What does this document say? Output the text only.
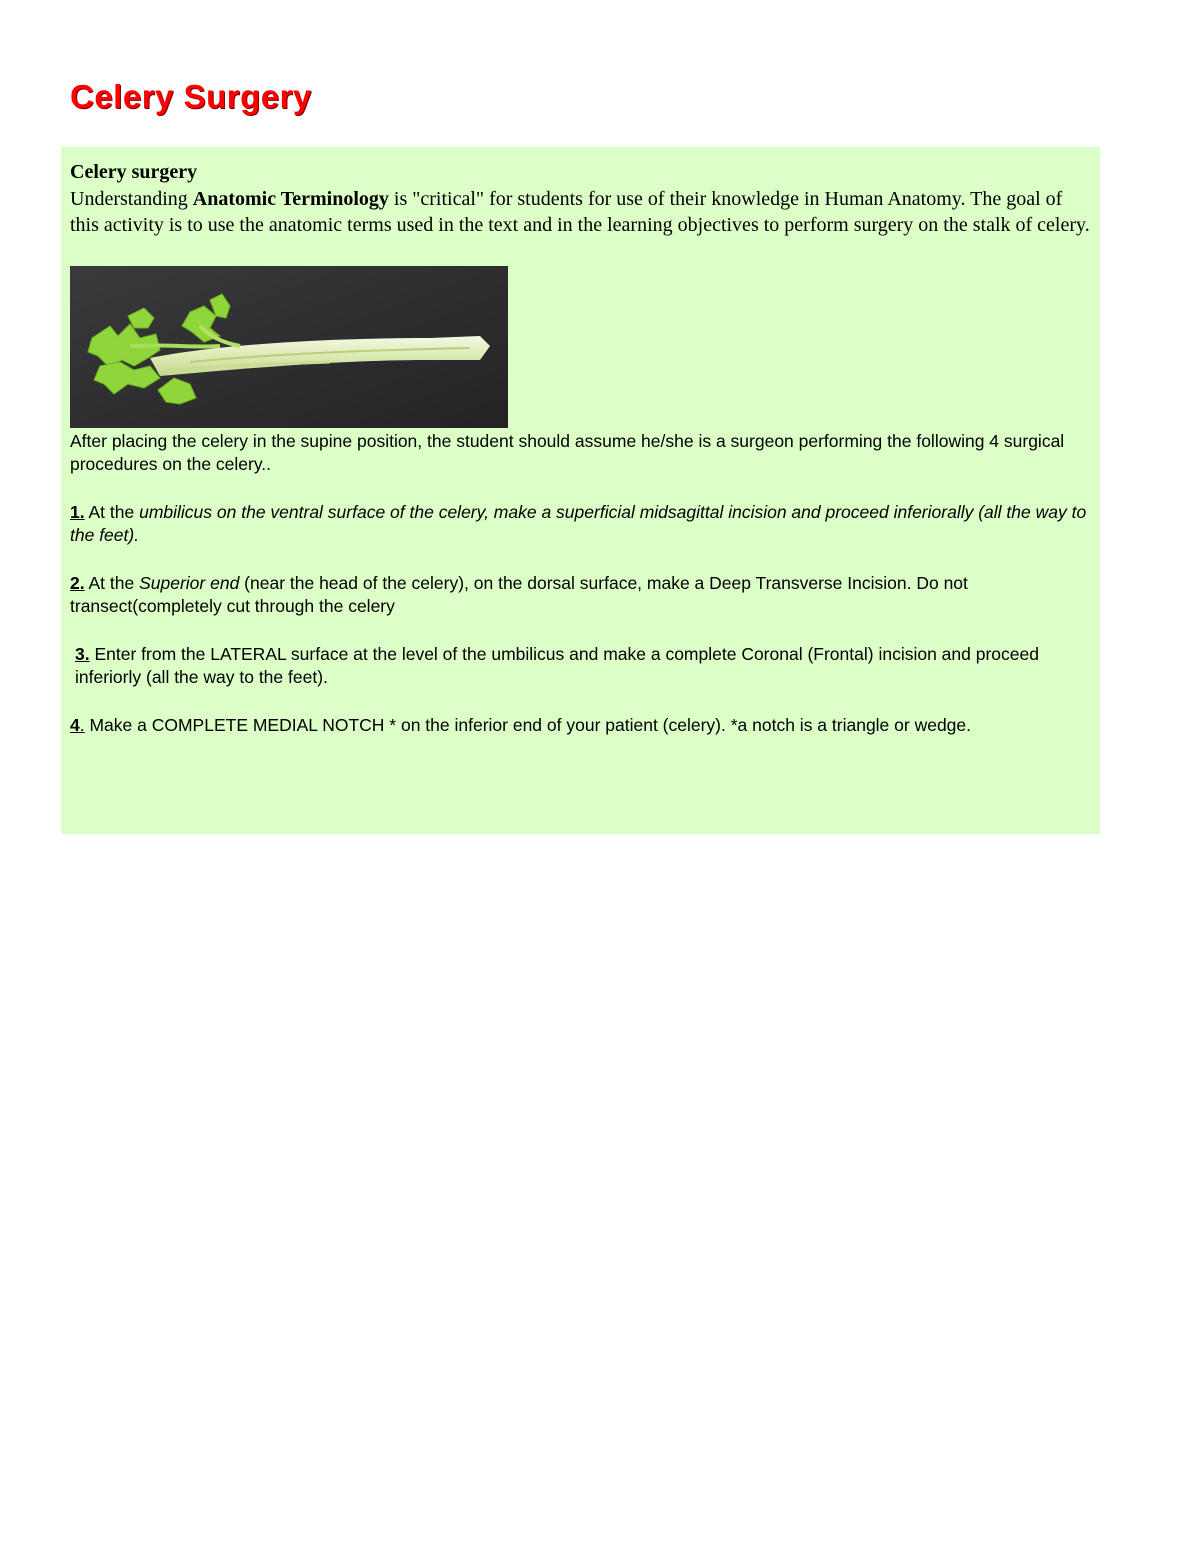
Celery Surgery

Celery surgery
Understanding Anatomic Terminology is "critical" for students for use of their knowledge in Human Anatomy. The goal of this activity is to use the anatomic terms used in the text and in the learning objectives to perform surgery on the stalk of celery.

After placing the celery in the supine position, the student should assume he/she is a surgeon performing the following 4 surgical procedures on the celery..

1. At the umbilicus on the ventral surface of the celery, make a superficial midsagittal incision and proceed inferiorally (all the way to the feet).

2. At the Superior end (near the head of the celery), on the dorsal surface, make a Deep Transverse Incision. Do not transect(completely cut through the celery

3. Enter from the LATERAL surface at the level of the umbilicus and make a complete Coronal (Frontal) incision and proceed inferiorly (all the way to the feet).

4. Make a COMPLETE MEDIAL NOTCH * on the inferior end of your patient (celery). *a notch is a triangle or wedge.
